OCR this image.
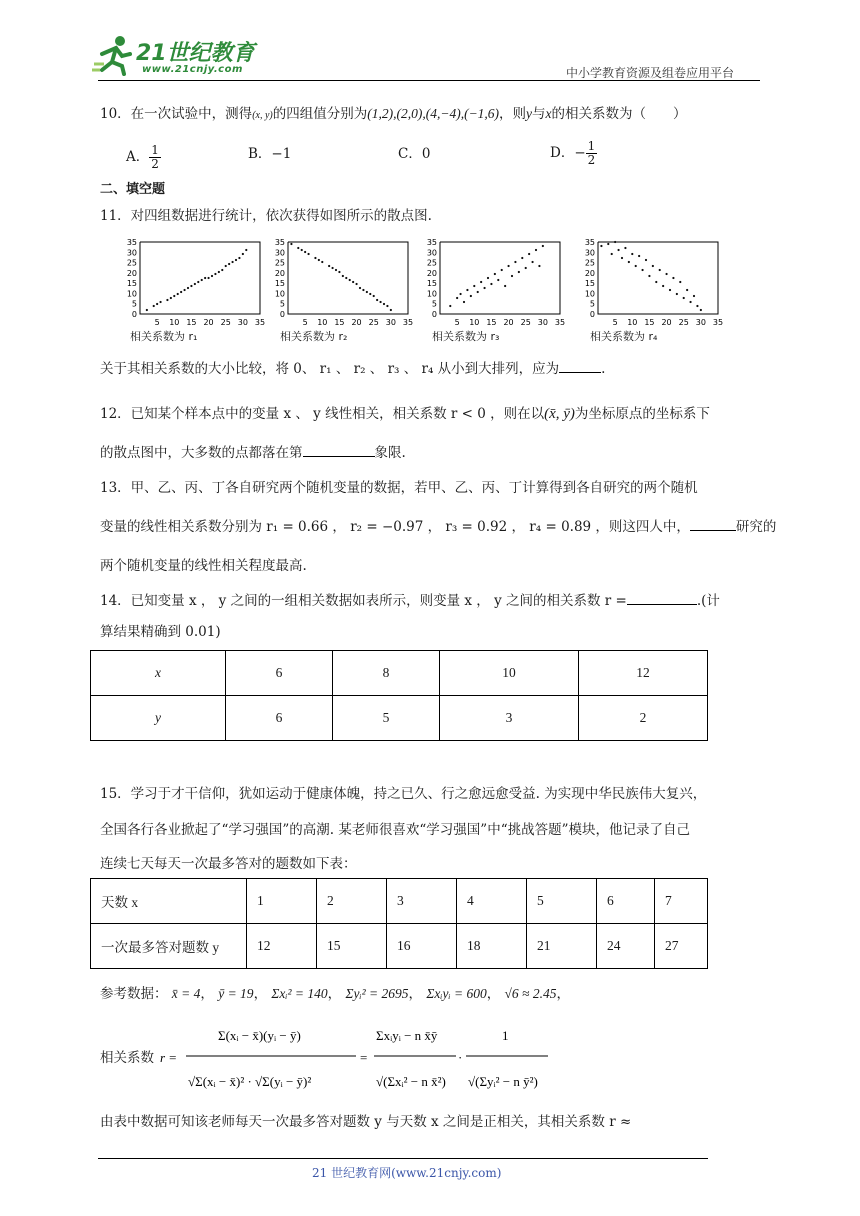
21世纪教育
www.21cnjy.com	中小学教育资源及组卷应用平台
10．在一次试验中，测得(x, y)的四组值分别为(1,2),(2,0),(4,−4),(−1,6)，则y与x的相关系数为（　　）
A． $\frac{1}{2}$	B．−1	C．0	D．− $\frac{1}{2}$
二、填空题
11．对四组数据进行统计，依次获得如图所示的散点图.
35
30
25
20
15
10
5
0
5 10 15 20 25 30 35
35
30
25
20
15
10
5
0
5 10 15 20 25 30 35
35
30
25
20
15
10
5
0
5 10 15 20 25 30 35
35
30
25
20
15
10
5
0
5 10 15 20 25 30 35
相关系数为 r₁	相关系数为 r₂	相关系数为 r₃	相关系数为 r₄
关于其相关系数的大小比较，将 0、 r₁ 、 r₂ 、 r₃ 、 r₄ 从小到大排列，应为	.
12．已知某个样本点中的变量 x 、 y 线性相关，相关系数 r < 0 ，则在以(x̄, ȳ)为坐标原点的坐标系下
的散点图中，大多数的点都落在第	象限.
13．甲、乙、丙、丁各自研究两个随机变量的数据，若甲、乙、丙、丁计算得到各自研究的两个随机
变量的线性相关系数分别为 r₁ = 0.66 ， r₂ = −0.97 ， r₃ = 0.92 ， r₄ = 0.89 ，则这四人中，	研究的
两个随机变量的线性相关程度最高.
14．已知变量 x ， y 之间的一组相关数据如表所示，则变量 x ， y 之间的相关系数 r =	.(计
算结果精确到 0.01)
x	6	8	10	12
y	6	5	3	2
15．学习于才干信仰，犹如运动于健康体魄，持之已久、行之愈远愈受益. 为实现中华民族伟大复兴，
全国各行各业掀起了“学习强国”的高潮. 某老师很喜欢“学习强国”中“挑战答题”模块，他记录了自己
连续七天每天一次最多答对的题数如下表：
天数 x	1	2	3	4	5	6	7
一次最多答对题数 y	12	15	16	18	21	24	27
参考数据： x̄ = 4， ȳ = 19， Σxᵢ² = 140， Σyᵢ² = 2695， Σxᵢyᵢ = 600， √6 ≈ 2.45，
相关系数 r =
Σ(xᵢ − x̄)(yᵢ − ȳ)
√Σ(xᵢ − x̄)² · √Σ(yᵢ − ȳ)²
=
Σxᵢyᵢ − n x̄ȳ
√(Σxᵢ² − n x̄²)
·
1
√(Σyᵢ² − n ȳ²)
由表中数据可知该老师每天一次最多答对题数 y 与天数 x 之间是正相关，其相关系数 r ≈
21 世纪教育网(www.21cnjy.com)
